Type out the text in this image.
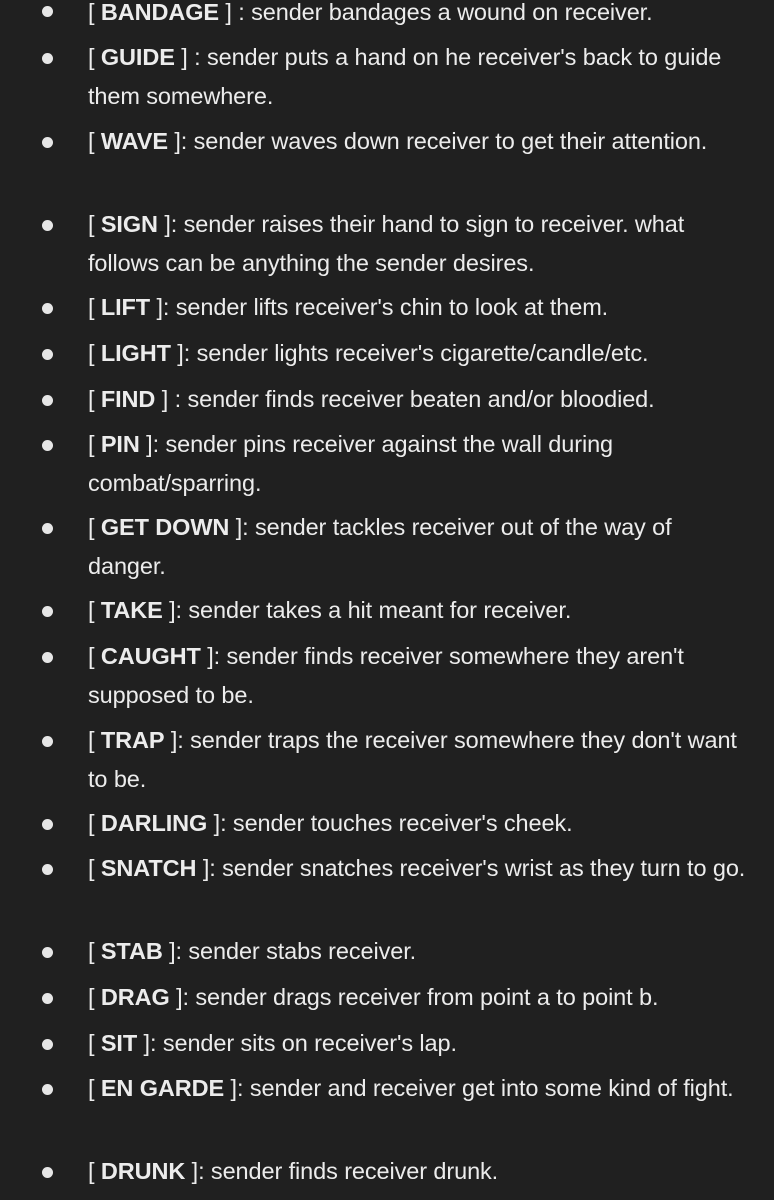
[ BANDAGE ] : sender bandages a wound on receiver.
[ GUIDE ] : sender puts a hand on he receiver's back to guide them somewhere.
[ WAVE ]: sender waves down receiver to get their attention.
[ SIGN ]: sender raises their hand to sign to receiver. what follows can be anything the sender desires.
[ LIFT ]: sender lifts receiver's chin to look at them.
[ LIGHT ]: sender lights receiver's cigarette/candle/etc.
[ FIND ] : sender finds receiver beaten and/or bloodied.
[ PIN ]: sender pins receiver against the wall during combat/sparring.
[ GET DOWN ]: sender tackles receiver out of the way of danger.
[ TAKE ]: sender takes a hit meant for receiver.
[ CAUGHT ]: sender finds receiver somewhere they aren't supposed to be.
[ TRAP ]: sender traps the receiver somewhere they don't want to be.
[ DARLING ]: sender touches receiver's cheek.
[ SNATCH ]: sender snatches receiver's wrist as they turn to go.
[ STAB ]: sender stabs receiver.
[ DRAG ]: sender drags receiver from point a to point b.
[ SIT ]: sender sits on receiver's lap.
[ EN GARDE ]: sender and receiver get into some kind of fight.
[ DRUNK ]: sender finds receiver drunk.
